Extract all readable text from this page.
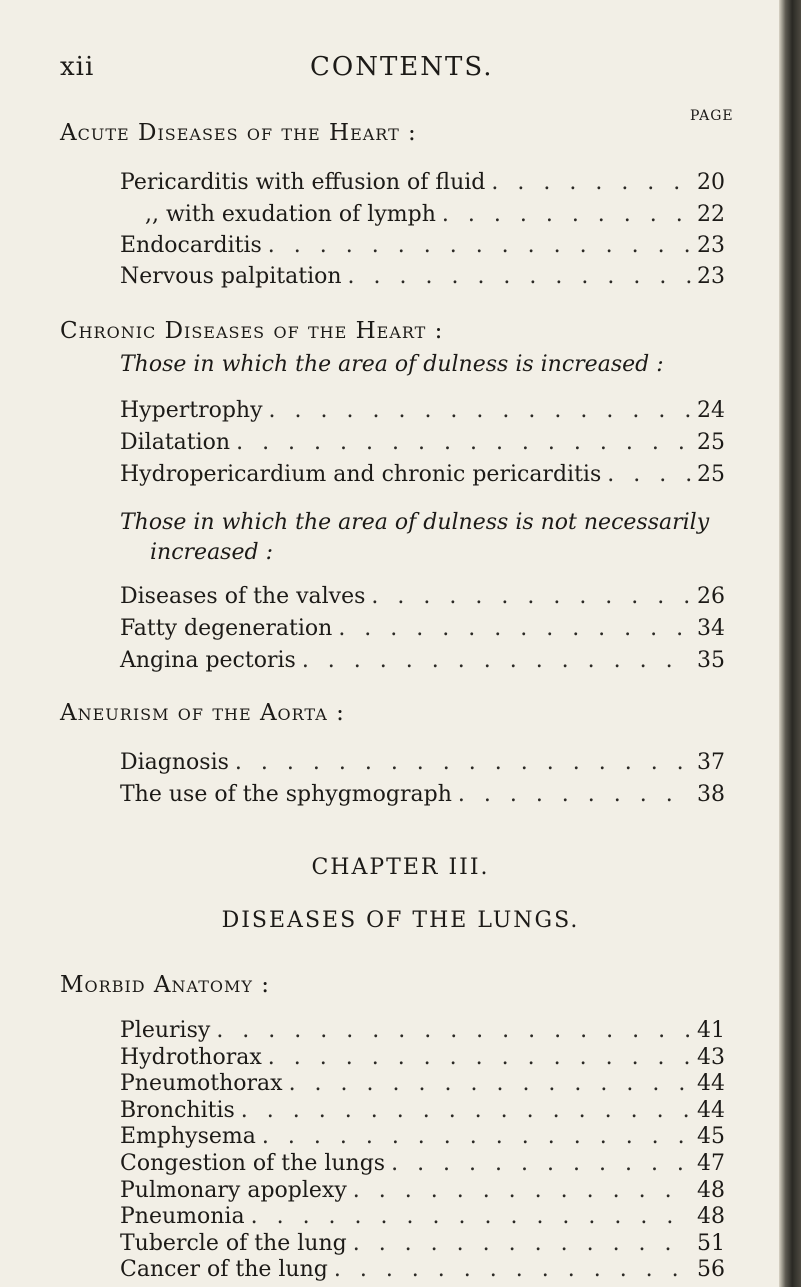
xii	CONTENTS.
PAGE
Acute Diseases of the Heart :
Pericarditis with effusion of fluid . . .	20
,, with exudation of lymph . . .	22
Endocarditis . . .	23
Nervous palpitation . . .	23
Chronic Diseases of the Heart :
Those in which the area of dulness is increased :
Hypertrophy . . .	24
Dilatation . . .	25
Hydropericardium and chronic pericarditis . . .	25
Those in which the area of dulness is not necessarily
increased :
Diseases of the valves . . .	26
Fatty degeneration . . .	34
Angina pectoris . . .	35
Aneurism of the Aorta :
Diagnosis . . .	37
The use of the sphygmograph . . .	38
CHAPTER III.
DISEASES OF THE LUNGS.
Morbid Anatomy :
Pleurisy . . .	41
Hydrothorax . . .	43
Pneumothorax . . .	44
Bronchitis . . .	44
Emphysema . . .	45
Congestion of the lungs . . .	47
Pulmonary apoplexy . . .	48
Pneumonia . . .	48
Tubercle of the lung . . .	51
Cancer of the lung . . .	56
